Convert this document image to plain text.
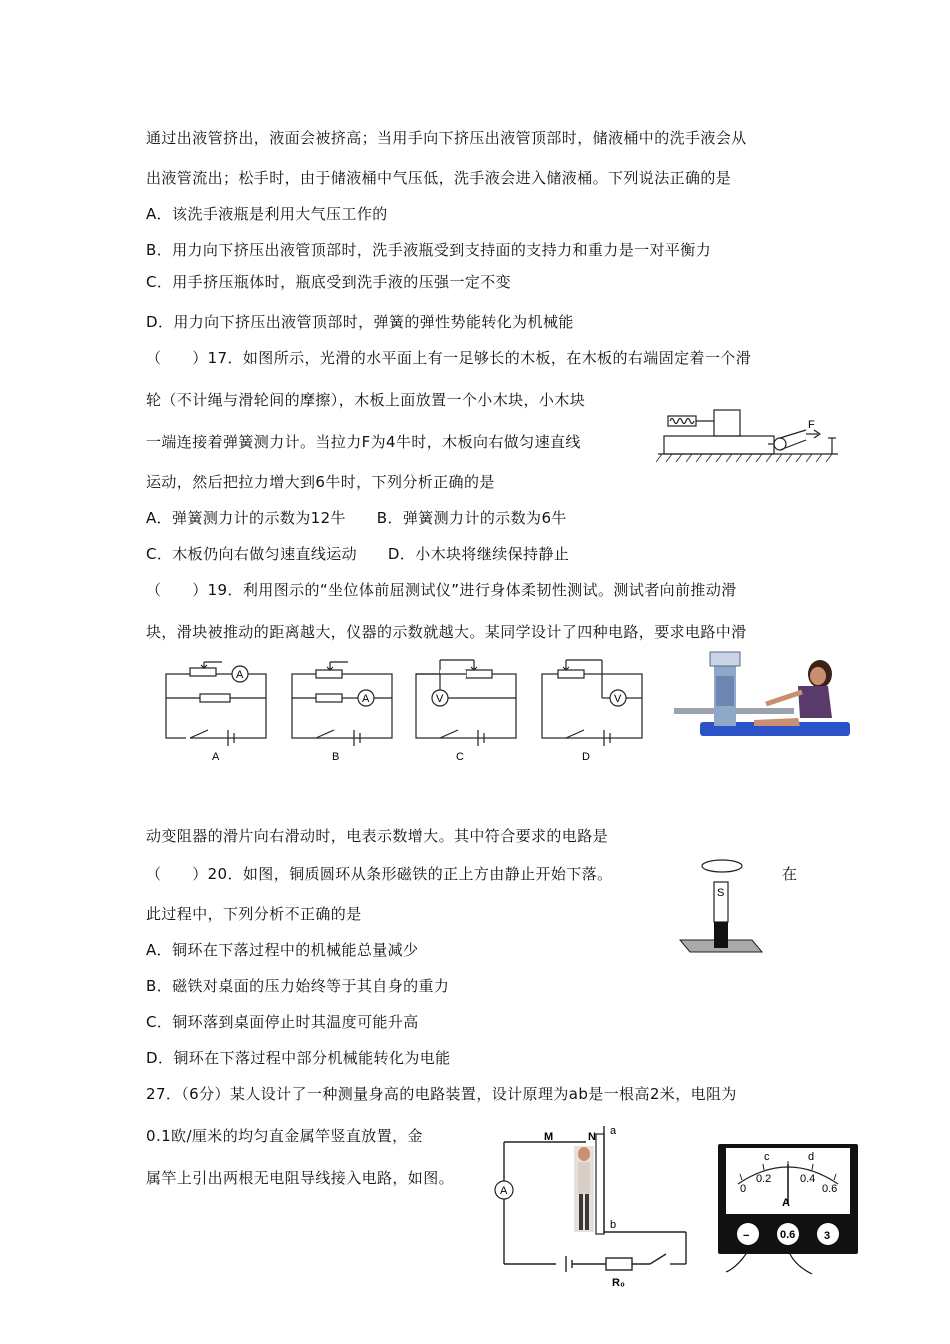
通过出液管挤出，液面会被挤高；当用手向下挤压出液管顶部时，储液桶中的洗手液会从
出液管流出；松手时，由于储液桶中气压低，洗手液会进入储液桶。下列说法正确的是
A．该洗手液瓶是利用大气压工作的
B．用力向下挤压出液管顶部时，洗手液瓶受到支持面的支持力和重力是一对平衡力
C．用手挤压瓶体时，瓶底受到洗手液的压强一定不变
D．用力向下挤压出液管顶部时，弹簧的弹性势能转化为机械能
（　　）17．如图所示，光滑的水平面上有一足够长的木板，在木板的右端固定着一个滑
轮（不计绳与滑轮间的摩擦），木板上面放置一个小木块，小木块
一端连接着弹簧测力计。当拉力F为4牛时，木板向右做匀速直线
运动，然后把拉力增大到6牛时，下列分析正确的是
A．弹簧测力计的示数为12牛　　B．弹簧测力计的示数为6牛
C．木板仍向右做匀速直线运动　　D．小木块将继续保持静止
（　　）19．利用图示的“坐位体前屈测试仪”进行身体柔韧性测试。测试者向前推动滑
块，滑块被推动的距离越大，仪器的示数就越大。某同学设计了四种电路，要求电路中滑
动变阻器的滑片向右滑动时，电表示数增大。其中符合要求的电路是
（　　）20．如图，铜质圆环从条形磁铁的正上方由静止开始下落。	在
此过程中，下列分析不正确的是
A．铜环在下落过程中的机械能总量减少
B．磁铁对桌面的压力始终等于其自身的重力
C．铜环落到桌面停止时其温度可能升高
D．铜环在下落过程中部分机械能转化为电能
27．（6分）某人设计了一种测量身高的电路装置，设计原理为ab是一根高2米，电阻为
0.1欧/厘米的均匀直金属竿竖直放置，金
属竿上引出两根无电阻导线接入电路，如图。
F
A
A
A
B
V
C
V
D
S
M	N a
b
A
R₀
0
0.2	0.4
0.6
c	d
A
−	0.6	3
